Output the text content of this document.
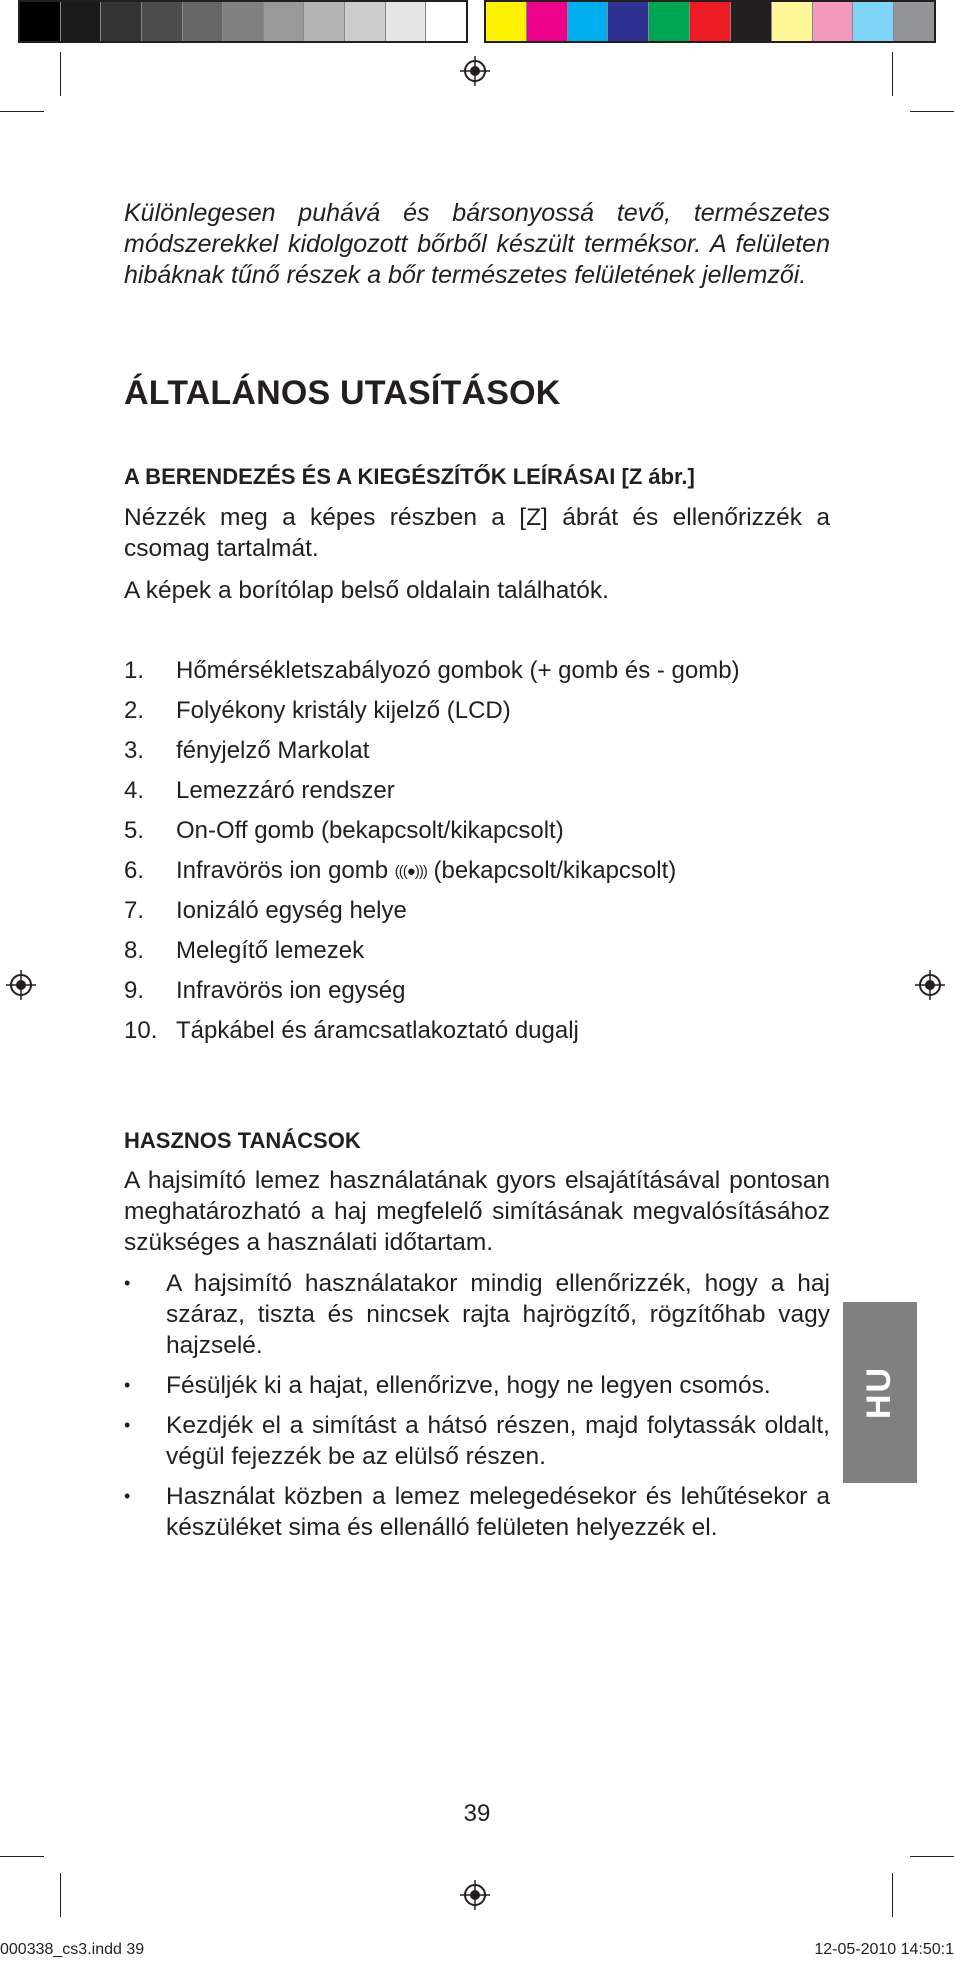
Különlegesen puhává és bársonyossá tevő, természetes módszerekkel kidolgozott bőrből készült terméksor. A felületen hibáknak tűnő részek a bőr természetes felületének jellemzői.

ÁLTALÁNOS UTASÍTÁSOK
A BERENDEZÉS ÉS A KIEGÉSZÍTŐK LEÍRÁSAI [Z ábr.]

Nézzék meg a képes részben a [Z] ábrát és ellenőrizzék a csomag tartalmát.

A képek a borítólap belső oldalain találhatók.

1. Hőmérsékletszabályozó gombok (+ gomb és - gomb)
2. Folyékony kristály kijelző (LCD)
3. fényjelző Markolat
4. Lemezzáró rendszer
5. On-Off gomb (bekapcsolt/kikapcsolt)
6. Infravörös ion gomb (((●))) (bekapcsolt/kikapcsolt)
7. Ionizáló egység helye
8. Melegítő lemezek
9. Infravörös ion egység
10. Tápkábel és áramcsatlakoztató dugalj
HASZNOS TANÁCSOK

A hajsimító lemez használatának gyors elsajátításával pontosan meghatározható a haj megfelelő simításának megvalósításához szükséges a használati időtartam.

• A hajsimító használatakor mindig ellenőrizzék, hogy a haj száraz, tiszta és nincsek rajta hajrögzítő, rögzítőhab vagy hajzselé.
• Fésüljék ki a hajat, ellenőrizve, hogy ne legyen csomós.
• Kezdjék el a simítást a hátsó részen, majd folytassák oldalt, végül fejezzék be az elülső részen.
• Használat közben a lemez melegedésekor és lehűtésekor a készüléket sima és ellenálló felületen helyezzék el.
HU

39

000338_cs3.indd 39	12-05-2010 14:50:1
